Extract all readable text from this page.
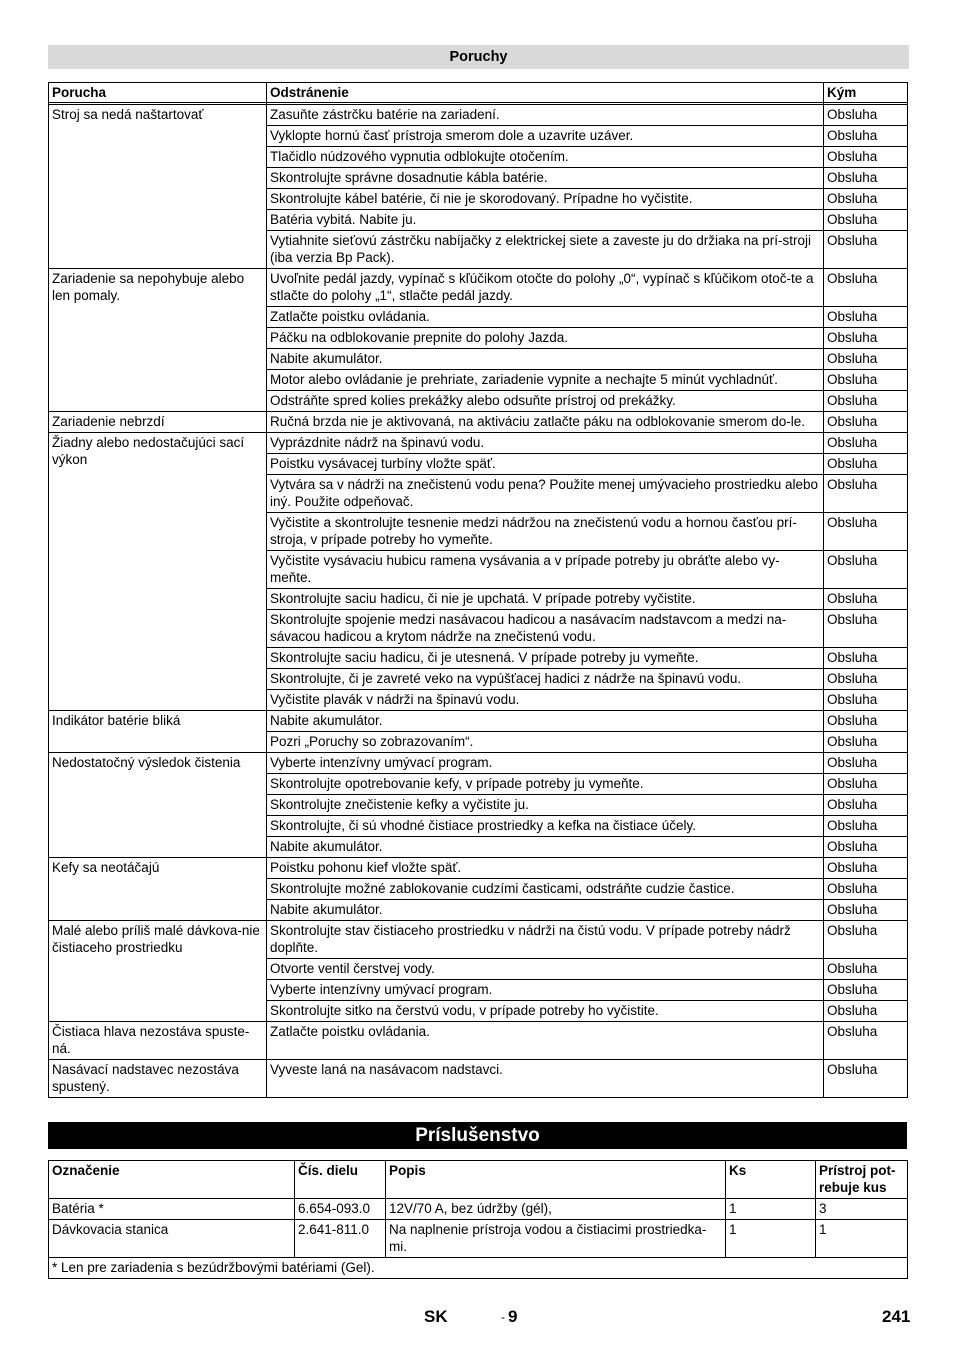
Poruchy
Porucha	Odstránenie	Kým

Stroj sa nedá naštartovať	Zasuňte zástrčku batérie na zariadení.	Obsluha
	Vyklopte hornú časť prístroja smerom dole a uzavrite uzáver.	Obsluha
	Tlačidlo núdzového vypnutia odblokujte otočením.	Obsluha
	Skontrolujte správne dosadnutie kábla batérie.	Obsluha
	Skontrolujte kábel batérie, či nie je skorodovaný. Prípadne ho vyčistite.	Obsluha
	Batéria vybitá. Nabite ju.	Obsluha
	Vytiahnite sieťovú zástrčku nabíjačky z elektrickej siete a zaveste ju do držiaka na prí-stroji (iba verzia Bp Pack).	Obsluha
Zariadenie sa nepohybuje alebo len pomaly.	Uvoľnite pedál jazdy, vypínač s kľúčikom otočte do polohy „0“, vypínač s kľúčikom otoč-te a stlačte do polohy „1“, stlačte pedál jazdy.	Obsluha
	Zatlačte poistku ovládania.	Obsluha
	Páčku na odblokovanie prepnite do polohy Jazda.	Obsluha
	Nabite akumulátor.	Obsluha
	Motor alebo ovládanie je prehriate, zariadenie vypnite a nechajte 5 minút vychladnúť.	Obsluha
	Odstráňte spred kolies prekážky alebo odsuňte prístroj od prekážky.	Obsluha
Zariadenie nebrzdí	Ručná brzda nie je aktivovaná, na aktiváciu zatlačte páku na odblokovanie smerom do-le.	Obsluha
Žiadny alebo nedostačujúci sací výkon	Vyprázdnite nádrž na špinavú vodu.	Obsluha
	Poistku vysávacej turbíny vložte späť.	Obsluha
	Vytvára sa v nádrži na znečistenú vodu pena? Použite menej umývacieho prostriedku alebo iný. Použite odpeňovač.	Obsluha
	Vyčistite a skontrolujte tesnenie medzi nádržou na znečistenú vodu a hornou časťou prí-stroja, v prípade potreby ho vymeňte.	Obsluha
	Vyčistite vysávaciu hubicu ramena vysávania a v prípade potreby ju obráťte alebo vy-meňte.	Obsluha
	Skontrolujte saciu hadicu, či nie je upchatá. V prípade potreby vyčistite.	Obsluha
	Skontrolujte spojenie medzi nasávacou hadicou a nasávacím nadstavcom a medzi na-sávacou hadicou a krytom nádrže na znečistenú vodu.	Obsluha
	Skontrolujte saciu hadicu, či je utesnená. V prípade potreby ju vymeňte.	Obsluha
	Skontrolujte, či je zavreté veko na vypúšťacej hadici z nádrže na špinavú vodu.	Obsluha
	Vyčistite plavák v nádrži na špinavú vodu.	Obsluha
Indikátor batérie bliká	Nabite akumulátor.	Obsluha
	Pozri „Poruchy so zobrazovaním“.	Obsluha
Nedostatočný výsledok čistenia	Vyberte intenzívny umývací program.	Obsluha
	Skontrolujte opotrebovanie kefy, v prípade potreby ju vymeňte.	Obsluha
	Skontrolujte znečistenie kefky a vyčistite ju.	Obsluha
	Skontrolujte, či sú vhodné čistiace prostriedky a kefka na čistiace účely.	Obsluha
	Nabite akumulátor.	Obsluha
Kefy sa neotáčajú	Poistku pohonu kief vložte späť.	Obsluha
	Skontrolujte možné zablokovanie cudzími časticami, odstráňte cudzie častice.	Obsluha
	Nabite akumulátor.	Obsluha
Malé alebo príliš malé dávkova-nie čistiaceho prostriedku	Skontrolujte stav čistiaceho prostriedku v nádrži na čistú vodu. V prípade potreby nádrž doplňte.	Obsluha
	Otvorte ventil čerstvej vody.	Obsluha
	Vyberte intenzívny umývací program.	Obsluha
	Skontrolujte sitko na čerstvú vodu, v prípade potreby ho vyčistite.	Obsluha
Čistiaca hlava nezostáva spuste-ná.	Zatlačte poistku ovládania.	Obsluha
Nasávací nadstavec nezostáva spustený.	Vyveste laná na nasávacom nadstavci.	Obsluha
Príslušenstvo
Označenie	Čís. dielu	Popis	Ks	Prístroj pot-rebuje kus
Batéria *	6.654-093.0	12V/70 A, bez údržby (gél),	1	3
Dávkovacia stanica	2.641-811.0	Na naplnenie prístroja vodou a čistiacimi prostriedka-mi.	1	1
* Len pre zariadenia s bezúdržbovými batériami (Gel).				
SK	- 9	241
